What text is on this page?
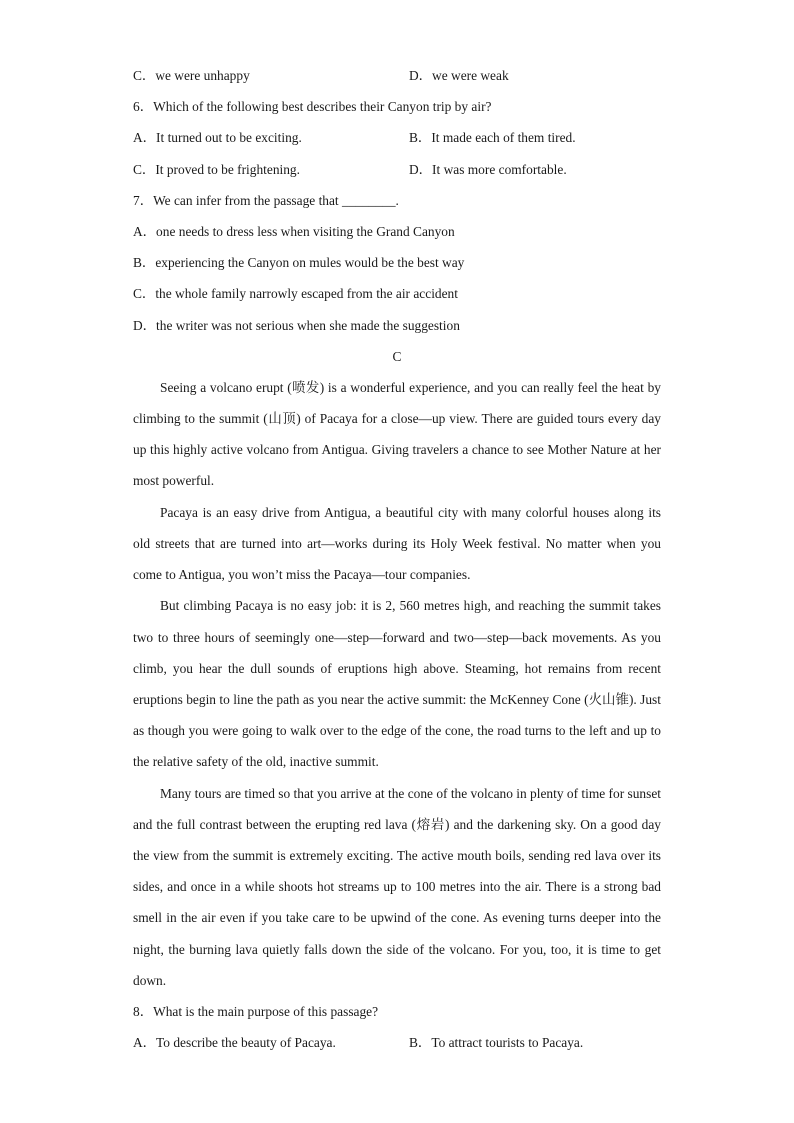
C．we were unhappy	D．we were weak
6．Which of the following best describes their Canyon trip by air?
A．It turned out to be exciting.	B．It made each of them tired.
C．It proved to be frightening.	D．It was more comfortable.
7．We can infer from the passage that ________.
A．one needs to dress less when visiting the Grand Canyon
B．experiencing the Canyon on mules would be the best way
C．the whole family narrowly escaped from the air accident
D．the writer was not serious when she made the suggestion
C

Seeing a volcano erupt (喷发) is a wonderful experience, and you can really feel the heat by climbing to the summit (山顶) of Pacaya for a close—up view. There are guided tours every day up this highly active volcano from Antigua. Giving travelers a chance to see Mother Nature at her most powerful.

Pacaya is an easy drive from Antigua, a beautiful city with many colorful houses along its old streets that are turned into art—works during its Holy Week festival. No matter when you come to Antigua, you won’t miss the Pacaya—tour companies.

But climbing Pacaya is no easy job: it is 2, 560 metres high, and reaching the summit takes two to three hours of seemingly one—step—forward and two—step—back movements. As you climb, you hear the dull sounds of eruptions high above. Steaming, hot remains from recent eruptions begin to line the path as you near the active summit: the McKenney Cone (火山锥). Just as though you were going to walk over to the edge of the cone, the road turns to the left and up to the relative safety of the old, inactive summit.

Many tours are timed so that you arrive at the cone of the volcano in plenty of time for sunset and the full contrast between the erupting red lava (熔岩) and the darkening sky. On a good day the view from the summit is extremely exciting. The active mouth boils, sending red lava over its sides, and once in a while shoots hot streams up to 100 metres into the air. There is a strong bad smell in the air even if you take care to be upwind of the cone. As evening turns deeper into the night, the burning lava quietly falls down the side of the volcano. For you, too, it is time to get down.

8．What is the main purpose of this passage?
A．To describe the beauty of Pacaya.	B．To attract tourists to Pacaya.
